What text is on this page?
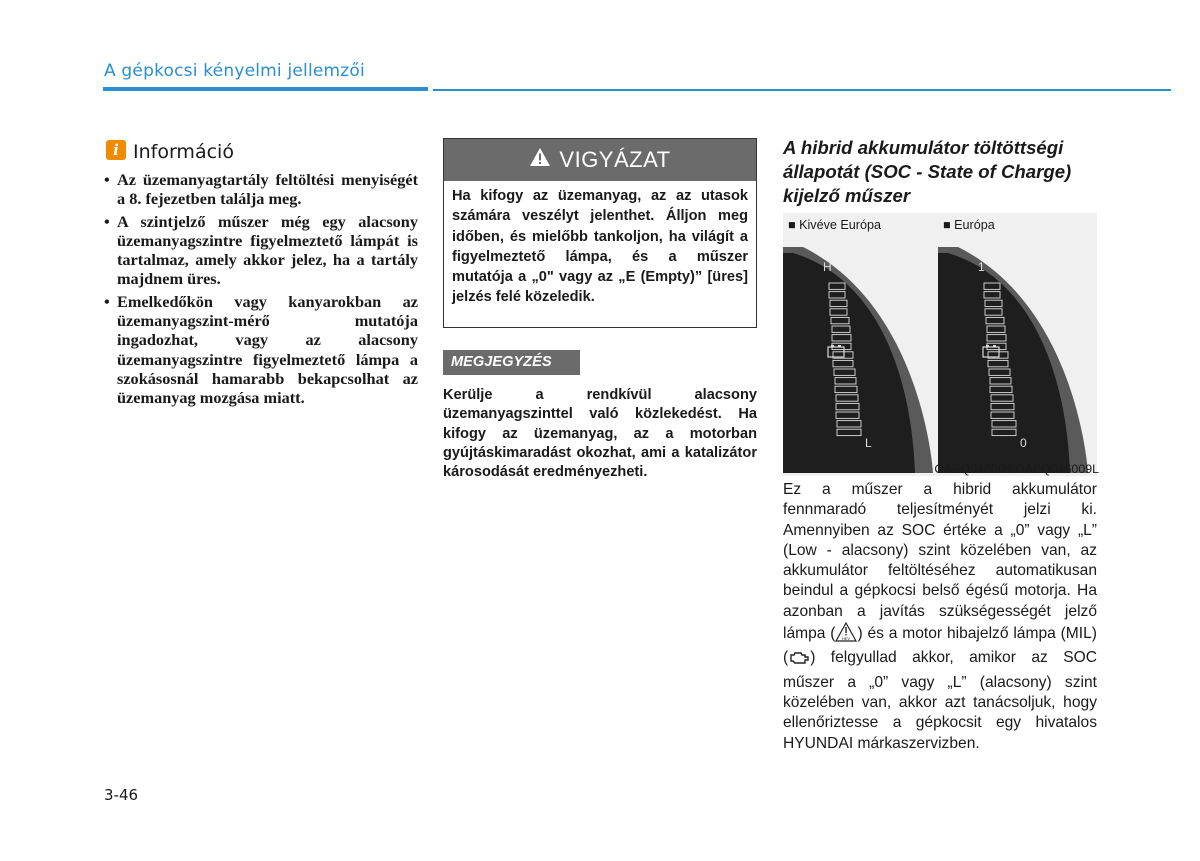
A gépkocsi kényelmi jellemzői
i Információ
• Az üzemanyagtartály feltöltési menyiségét a 8. fejezetben találja meg.
• A szintjelző műszer még egy alacsony üzemanyagszintre figyelmeztető lámpát is tartalmaz, amely akkor jelez, ha a tartály majdnem üres.
• Emelkedőkön vagy kanyarokban az üzemanyagszint-mérő mutatója ingadozhat, vagy az alacsony üzemanyagszintre figyelmeztető lámpa a szokásosnál hamarabb bekapcsolhat az üzemanyag mozgása miatt.
VIGYÁZAT
Ha kifogy az üzemanyag, az az utasok számára veszélyt jelenthet. Álljon meg időben, és mielőbb tankoljon, ha világít a figyelmeztető lámpa, és a műszer mutatója a „0" vagy az „E (Empty)” [üres] jelzés felé közeledik.
MEGJEGYZÉS
Kerülje a rendkívül alacsony üzemanyagszinttel való közlekedést. Ha kifogy az üzemanyag, az a motorban gyújtáskimaradást okozhat, ami a katalizátor károsodását eredményezheti.
A hibrid akkumulátor töltöttségi állapotát (SOC - State of Charge) kijelző műszer
■ Kivéve Európa	■ Európa
H
L
1
0
OAEQ046009/OAEQ046009L
Ez a műszer a hibrid akkumulátor fennmaradó teljesítményét jelzi ki. Amennyiben az SOC értéke a „0” vagy „L” (Low - alacsony) szint közelében van, az akkumulátor feltöltéséhez automatikusan beindul a gépkocsi belső égésű motorja. Ha azonban a javítás szükségességét jelző lámpa ( HEV ) és a motor hibajelző lámpa (MIL) ( ) felgyullad akkor, amikor az SOC műszer a „0” vagy „L” (alacsony) szint közelében van, akkor azt tanácsoljuk, hogy ellenőriztesse a gépkocsit egy hivatalos HYUNDAI márkaszervizben.
3-46
